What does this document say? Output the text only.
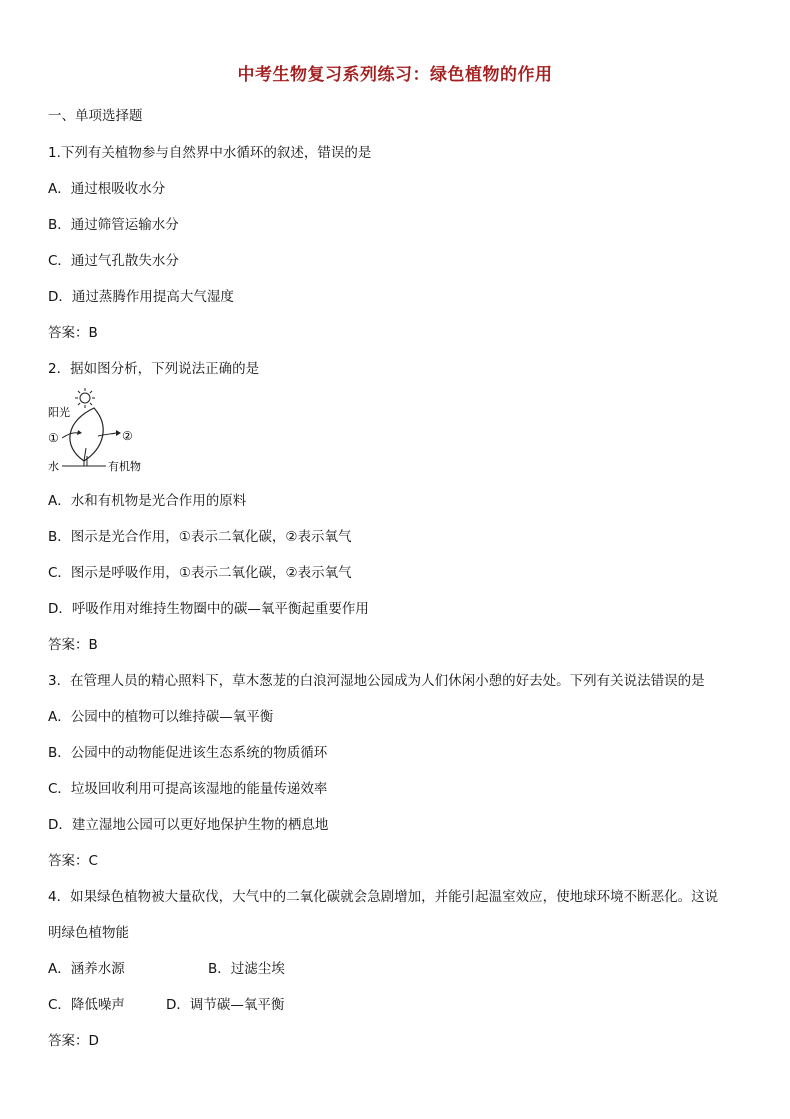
中考生物复习系列练习：绿色植物的作用
一、单项选择题
1.下列有关植物参与自然界中水循环的叙述，错误的是
A．通过根吸收水分
B．通过筛管运输水分
C．通过气孔散失水分
D．通过蒸腾作用提高大气湿度
答案：B
2．据如图分析，下列说法正确的是
阳光
①	②
水	有机物
A．水和有机物是光合作用的原料
B．图示是光合作用，①表示二氧化碳，②表示氧气
C．图示是呼吸作用，①表示二氧化碳，②表示氧气
D．呼吸作用对维持生物圈中的碳—氧平衡起重要作用
答案：B
3．在管理人员的精心照料下，草木葱茏的白浪河湿地公园成为人们休闲小憩的好去处。下列有关说法错误的是
A．公园中的植物可以维持碳—氧平衡
B．公园中的动物能促进该生态系统的物质循环
C．垃圾回收利用可提高该湿地的能量传递效率
D．建立湿地公园可以更好地保护生物的栖息地
答案：C
4．如果绿色植物被大量砍伐，大气中的二氧化碳就会急剧增加，并能引起温室效应，使地球环境不断恶化。这说
明绿色植物能
A．涵养水源	B．过滤尘埃
C．降低噪声	D．调节碳—氧平衡
答案：D
